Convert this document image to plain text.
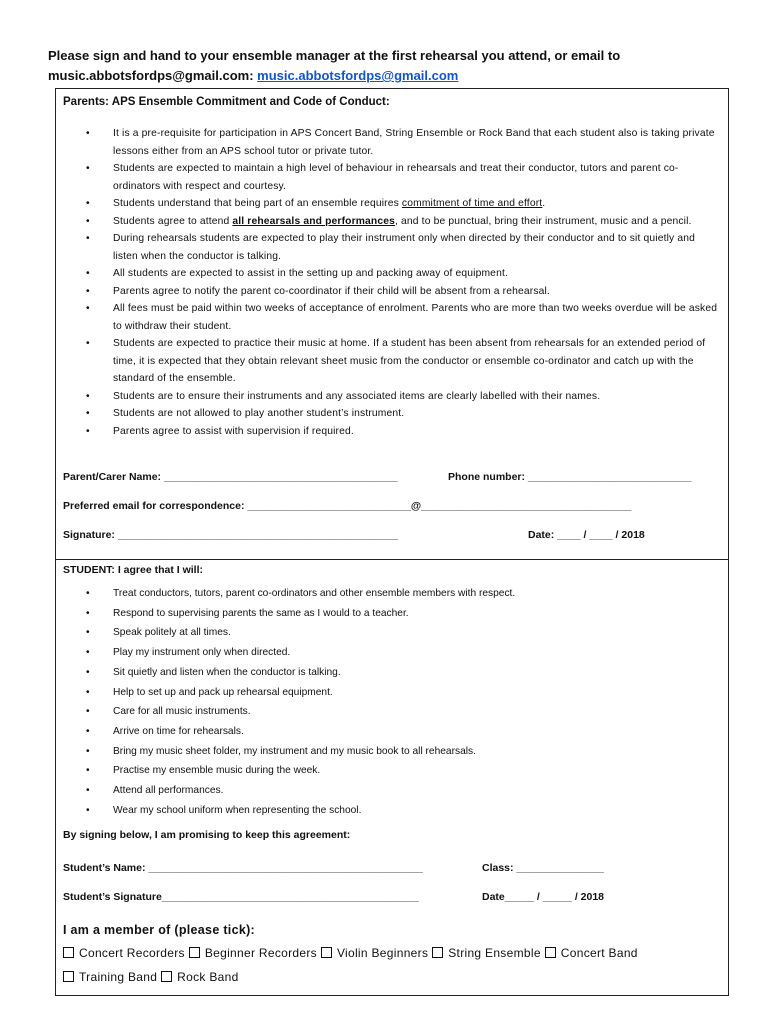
Please sign and hand to your ensemble manager at the first rehearsal you attend, or email to music.abbotsfordps@gmail.com: music.abbotsfordps@gmail.com
Parents: APS Ensemble Commitment and Code of Conduct:
• It is a pre-requisite for participation in APS Concert Band, String Ensemble or Rock Band that each student also is taking private lessons either from an APS school tutor or private tutor.
• Students are expected to maintain a high level of behaviour in rehearsals and treat their conductor, tutors and parent co-ordinators with respect and courtesy.
• Students understand that being part of an ensemble requires commitment of time and effort.
• Students agree to attend all rehearsals and performances, and to be punctual, bring their instrument, music and a pencil.
• During rehearsals students are expected to play their instrument only when directed by their conductor and to sit quietly and listen when the conductor is talking.
• All students are expected to assist in the setting up and packing away of equipment.
• Parents agree to notify the parent co-coordinator if their child will be absent from a rehearsal.
• All fees must be paid within two weeks of acceptance of enrolment. Parents who are more than two weeks overdue will be asked to withdraw their student.
• Students are expected to practice their music at home. If a student has been absent from rehearsals for an extended period of time, it is expected that they obtain relevant sheet music from the conductor or ensemble co-ordinator and catch up with the standard of the ensemble.
• Students are to ensure their instruments and any associated items are clearly labelled with their names.
• Students are not allowed to play another student’s instrument.
• Parents agree to assist with supervision if required.
Parent/Carer Name: ________________________________________	Phone number: ____________________________
Preferred email for correspondence: ____________________________@____________________________________
Signature: ________________________________________________	Date: ____ / ____ / 2018
STUDENT: I agree that I will:
• Treat conductors, tutors, parent co-ordinators and other ensemble members with respect.
• Respond to supervising parents the same as I would to a teacher.
• Speak politely at all times.
• Play my instrument only when directed.
• Sit quietly and listen when the conductor is talking.
• Help to set up and pack up rehearsal equipment.
• Care for all music instruments.
• Arrive on time for rehearsals.
• Bring my music sheet folder, my instrument and my music book to all rehearsals.
• Practise my ensemble music during the week.
• Attend all performances.
• Wear my school uniform when representing the school.
By signing below, I am promising to keep this agreement:
Student’s Name: _______________________________________________	Class: _______________
Student’s Signature____________________________________________	Date_____ / _____ / 2018
I am a member of (please tick):
Concert Recorders Beginner Recorders Violin Beginners String Ensemble Concert Band
Training Band Rock Band
